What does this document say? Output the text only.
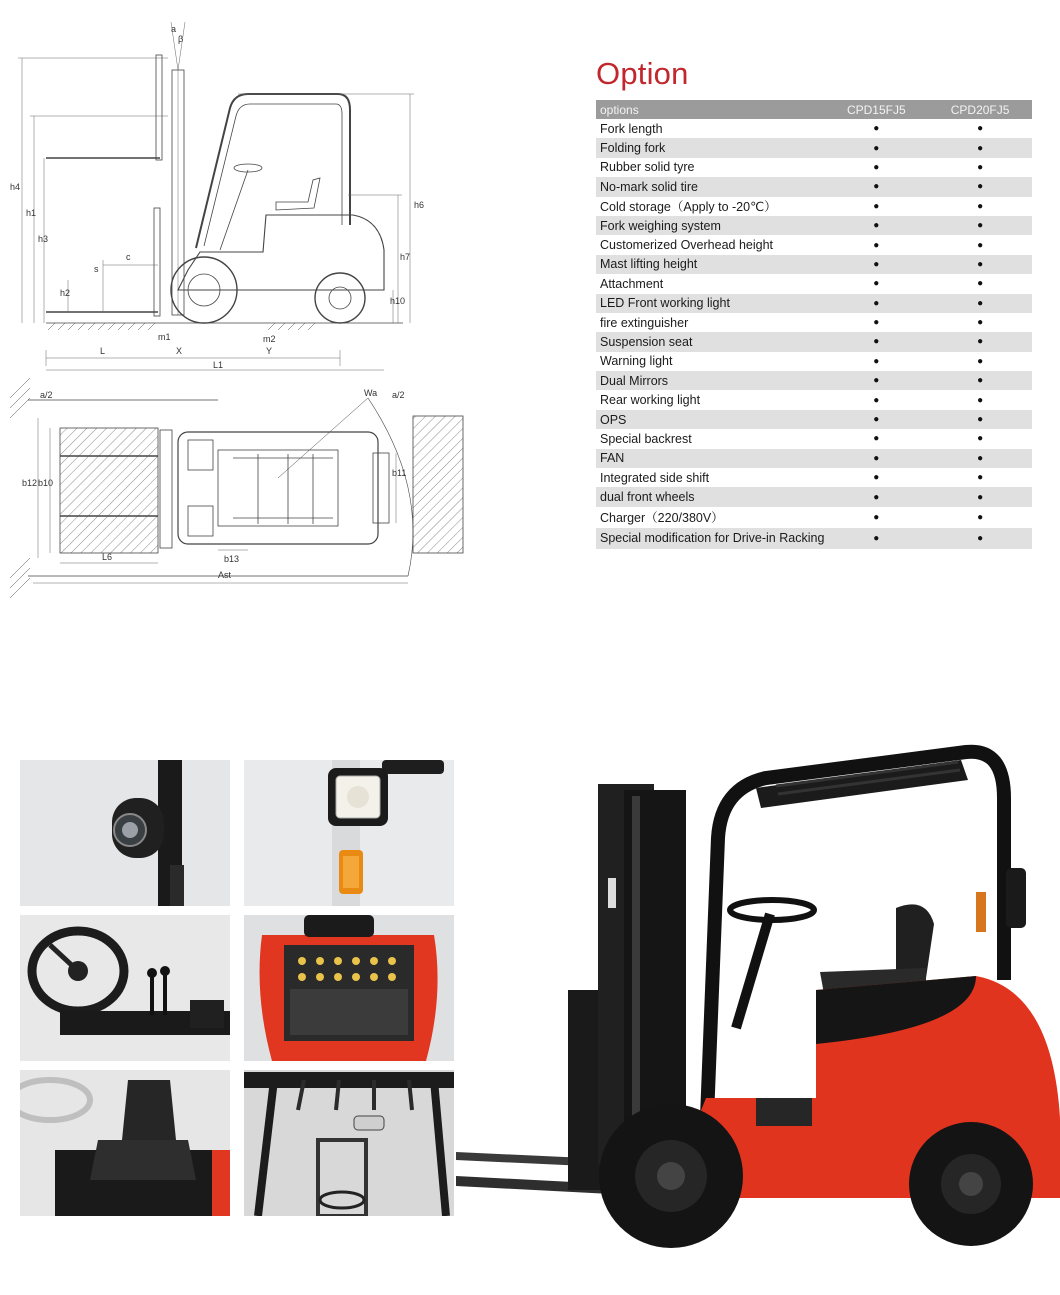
a
β
h4
h1
h3
h6
h7
h2
c
s
h10
m1	m2
L	X	Y
L1
a/2	Wa a/2
b12 b10
b11
L6	b13
Ast
Option
options	CPD15FJ5	CPD20FJ5
Fork length	●	●
Folding fork	●	●
Rubber solid tyre	●	●
No-mark solid tire	●	●
Cold storage（Apply to -20℃）	●	●
Fork weighing system	●	●
Customerized Overhead height	●	●
Mast lifting height	●	●
Attachment	●	●
LED Front working light	●	●
fire extinguisher	●	●
Suspension seat	●	●
Warning light	●	●
Dual Mirrors	●	●
Rear working light	●	●
OPS	●	●
Special backrest	●	●
FAN	●	●
Integrated side shift	●	●
dual front wheels	●	●
Charger（220/380V）	●	●
Special modification for Drive-in Racking	●	●
